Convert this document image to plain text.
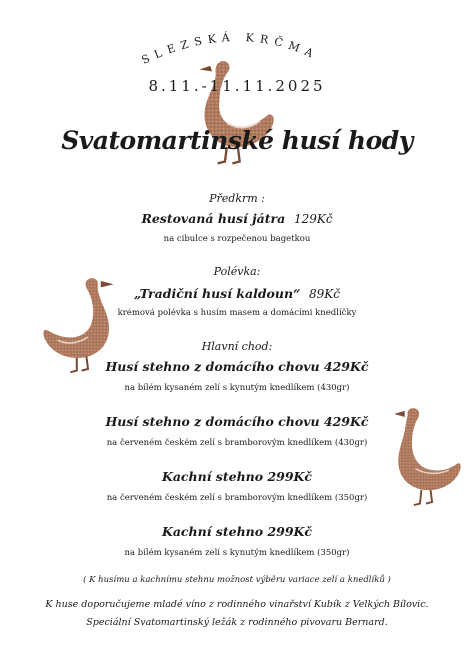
SLEZSKÁ KRČMA
8.11.-11.11.2025
Svatomartinské husí hody
Předkrm :
Restovaná husí játra 129Kč
na cibulce s rozpečenou bagetkou
Polévka:
„Tradiční husí kaldoun“ 89Kč
krémová polévka s husím masem a domácími knedlíčky
Hlavní chod:
Husí stehno z domácího chovu 429Kč
na bílém kysaném zelí s kynutým knedlíkem (430gr)
Husí stehno z domácího chovu 429Kč
na červeném českém zelí s bramborovým knedlíkem (430gr)
Kachní stehno 299Kč
na červeném českém zelí s bramborovým knedlíkem (350gr)
Kachní stehno 299Kč
na bílém kysaném zelí s kynutým knedlíkem (350gr)
( K husímu a kachnímu stehnu možnost výběru variace zelí a knedlíků )
K huse doporučujeme mladé víno z rodinného vinařství Kubík z Velkých Bílovic.
Speciální Svatomartinský ležák z rodinného pivovaru Bernard.
